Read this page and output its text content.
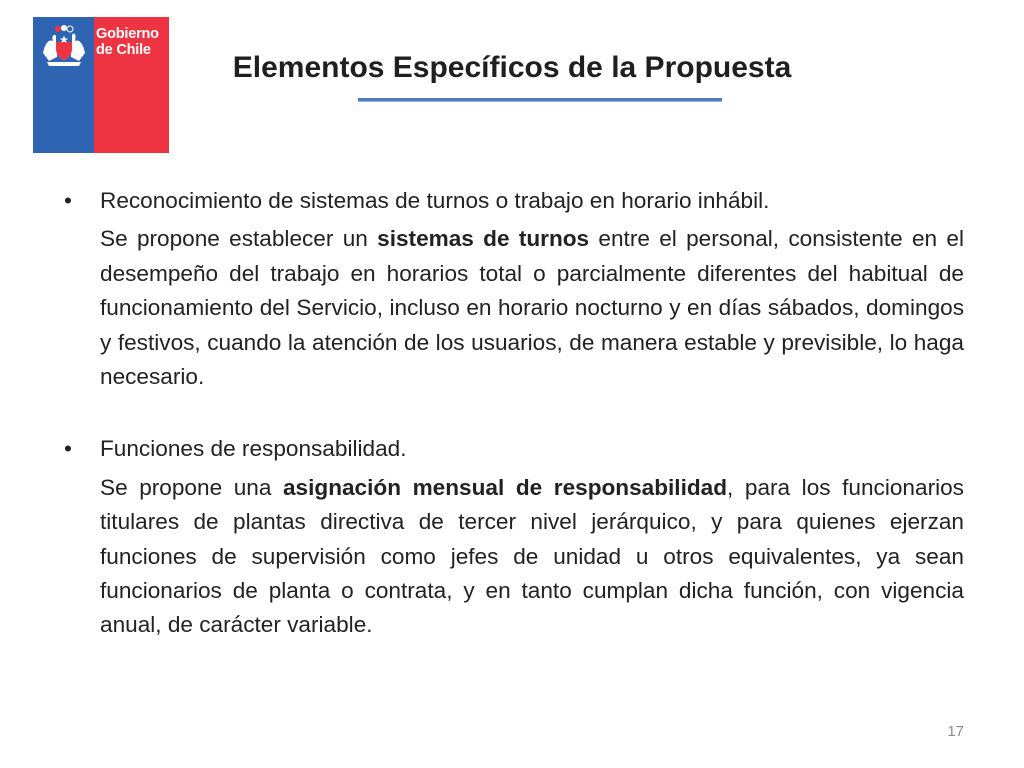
Gobierno
de Chile
Elementos Específicos de la Propuesta

• Reconocimiento de sistemas de turnos o trabajo en horario inhábil.

Se propone establecer un sistemas de turnos entre el personal, consistente en el desempeño del trabajo en horarios total o parcialmente diferentes del habitual de funcionamiento del Servicio, incluso en horario nocturno y en días sábados, domingos y festivos, cuando la atención de los usuarios, de manera estable y previsible, lo haga necesario.

• Funciones de responsabilidad.

Se propone una asignación mensual de responsabilidad, para los funcionarios titulares de plantas directiva de tercer nivel jerárquico, y para quienes ejerzan funciones de supervisión como jefes de unidad u otros equivalentes, ya sean funcionarios de planta o contrata, y en tanto cumplan dicha función, con vigencia anual, de carácter variable.

17
